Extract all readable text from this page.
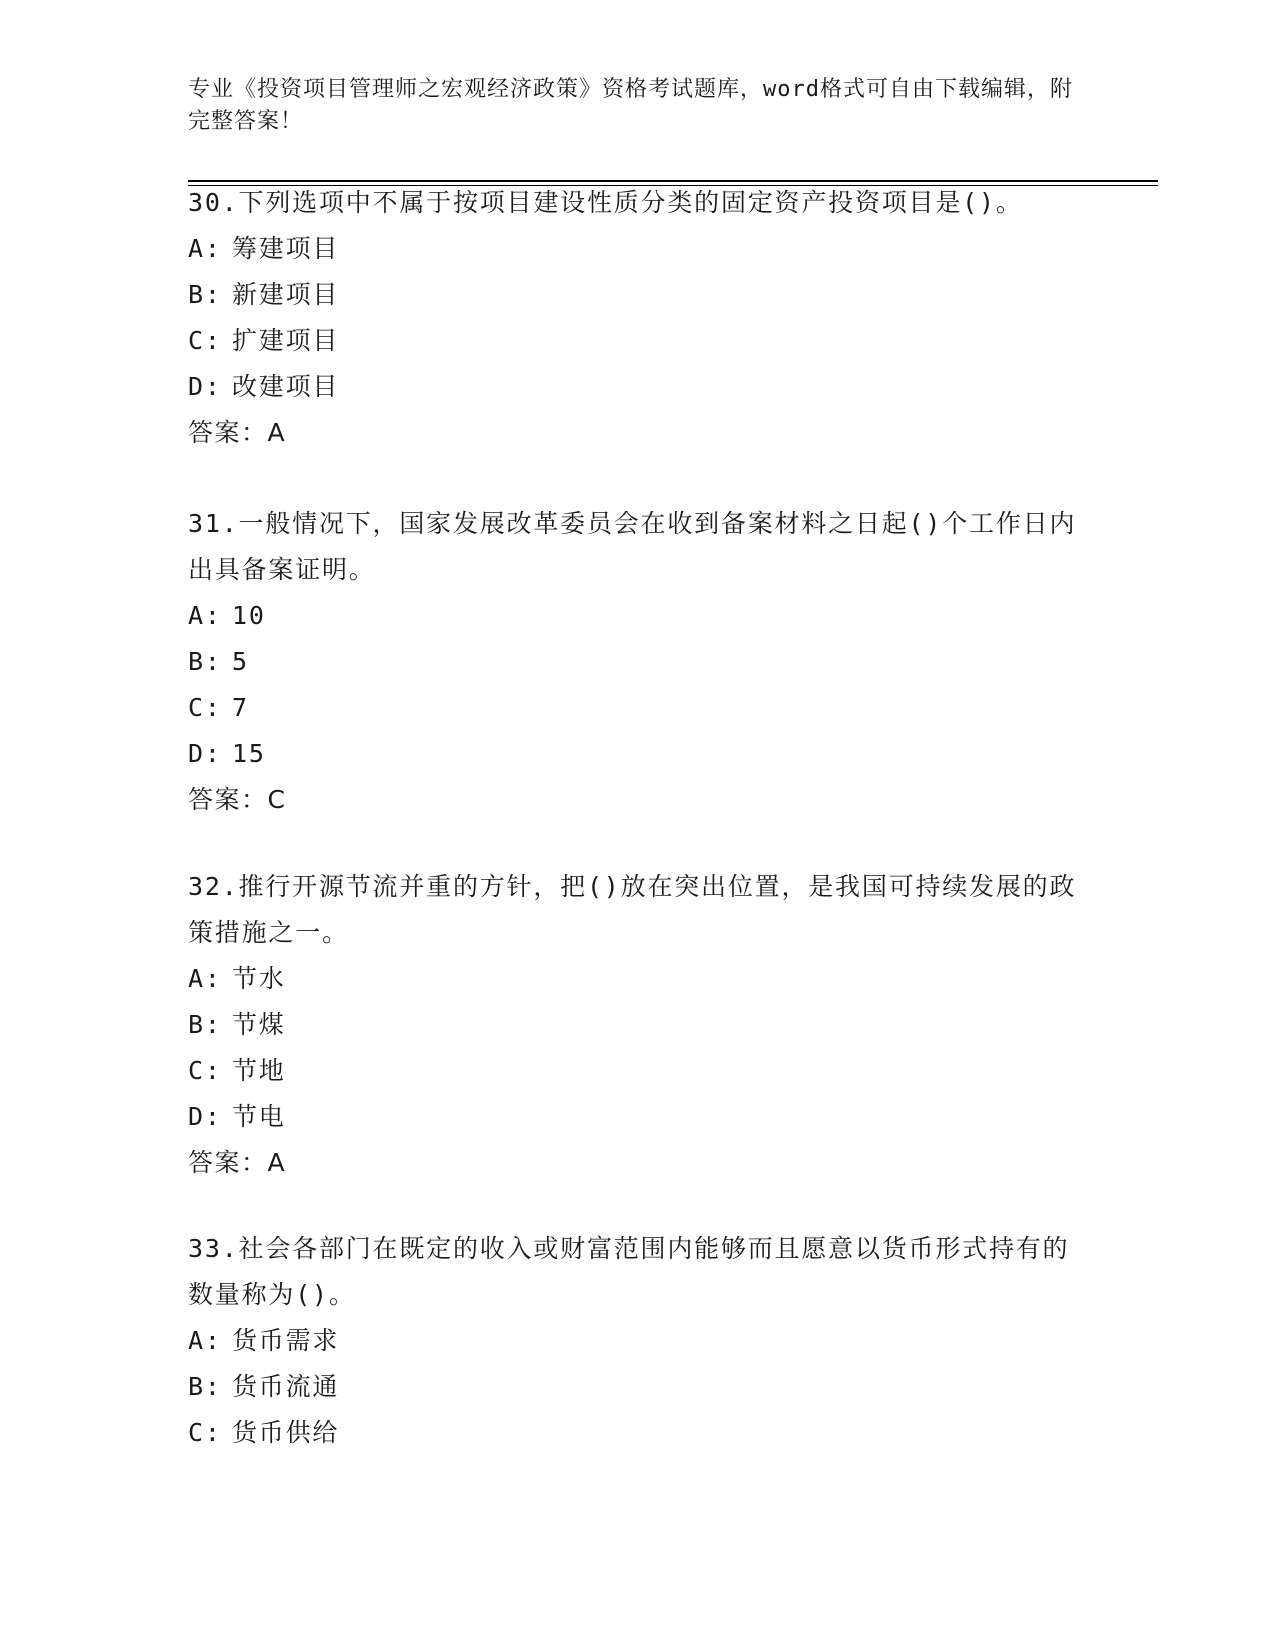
专业《投资项目管理师之宏观经济政策》资格考试题库，word格式可自由下载编辑，附完整答案！

30.下列选项中不属于按项目建设性质分类的固定资产投资项目是()。

A: 筹建项目

B: 新建项目

C: 扩建项目

D: 改建项目

答案：A

31.一般情况下，国家发展改革委员会在收到备案材料之日起()个工作日内出具备案证明。

A: 10

B: 5

C: 7

D: 15

答案：C

32.推行开源节流并重的方针，把()放在突出位置，是我国可持续发展的政策措施之一。

A: 节水

B: 节煤

C: 节地

D: 节电

答案：A

33.社会各部门在既定的收入或财富范围内能够而且愿意以货币形式持有的数量称为()。

A: 货币需求

B: 货币流通

C: 货币供给
